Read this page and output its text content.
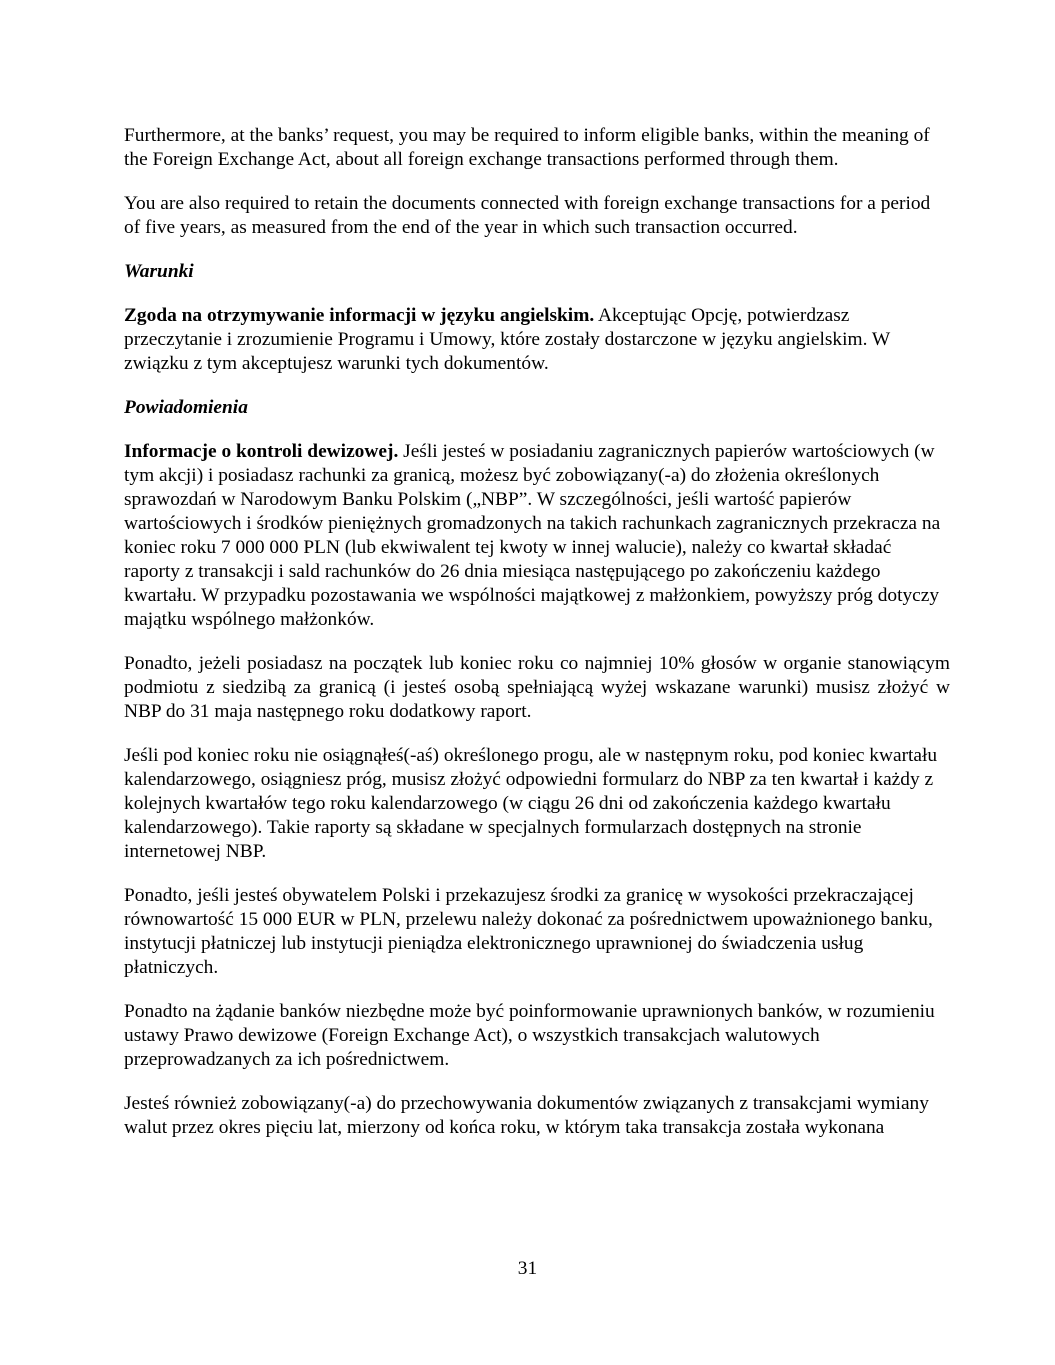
Furthermore, at the banks’ request, you may be required to inform eligible banks, within the meaning of the Foreign Exchange Act, about all foreign exchange transactions performed through them.

You are also required to retain the documents connected with foreign exchange transactions for a period of five years, as measured from the end of the year in which such transaction occurred.

Warunki

Zgoda na otrzymywanie informacji w języku angielskim. Akceptując Opcję, potwierdzasz przeczytanie i zrozumienie Programu i Umowy, które zostały dostarczone w języku angielskim. W związku z tym akceptujesz warunki tych dokumentów.

Powiadomienia

Informacje o kontroli dewizowej. Jeśli jesteś w posiadaniu zagranicznych papierów wartościowych (w tym akcji) i posiadasz rachunki za granicą, możesz być zobowiązany(-a) do złożenia określonych sprawozdań w Narodowym Banku Polskim („NBP”. W szczególności, jeśli wartość papierów wartościowych i środków pieniężnych gromadzonych na takich rachunkach zagranicznych przekracza na koniec roku 7 000 000 PLN (lub ekwiwalent tej kwoty w innej walucie), należy co kwartał składać raporty z transakcji i sald rachunków do 26 dnia miesiąca następującego po zakończeniu każdego kwartału. W przypadku pozostawania we wspólności majątkowej z małżonkiem, powyższy próg dotyczy majątku wspólnego małżonków.

Ponadto, jeżeli posiadasz na początek lub koniec roku co najmniej 10% głosów w organie stanowiącym podmiotu z siedzibą za granicą (i jesteś osobą spełniającą wyżej wskazane warunki) musisz złożyć w NBP do 31 maja następnego roku dodatkowy raport.

Jeśli pod koniec roku nie osiągnąłeś(-aś) określonego progu, ale w następnym roku, pod koniec kwartału kalendarzowego, osiągniesz próg, musisz złożyć odpowiedni formularz do NBP za ten kwartał i każdy z kolejnych kwartałów tego roku kalendarzowego (w ciągu 26 dni od zakończenia każdego kwartału kalendarzowego). Takie raporty są składane w specjalnych formularzach dostępnych na stronie internetowej NBP.

Ponadto, jeśli jesteś obywatelem Polski i przekazujesz środki za granicę w wysokości przekraczającej równowartość 15 000 EUR w PLN, przelewu należy dokonać za pośrednictwem upoważnionego banku, instytucji płatniczej lub instytucji pieniądza elektronicznego uprawnionej do świadczenia usług płatniczych.

Ponadto na żądanie banków niezbędne może być poinformowanie uprawnionych banków, w rozumieniu ustawy Prawo dewizowe (Foreign Exchange Act), o wszystkich transakcjach walutowych przeprowadzanych za ich pośrednictwem.

Jesteś również zobowiązany(-a) do przechowywania dokumentów związanych z transakcjami wymiany walut przez okres pięciu lat, mierzony od końca roku, w którym taka transakcja została wykonana

31
